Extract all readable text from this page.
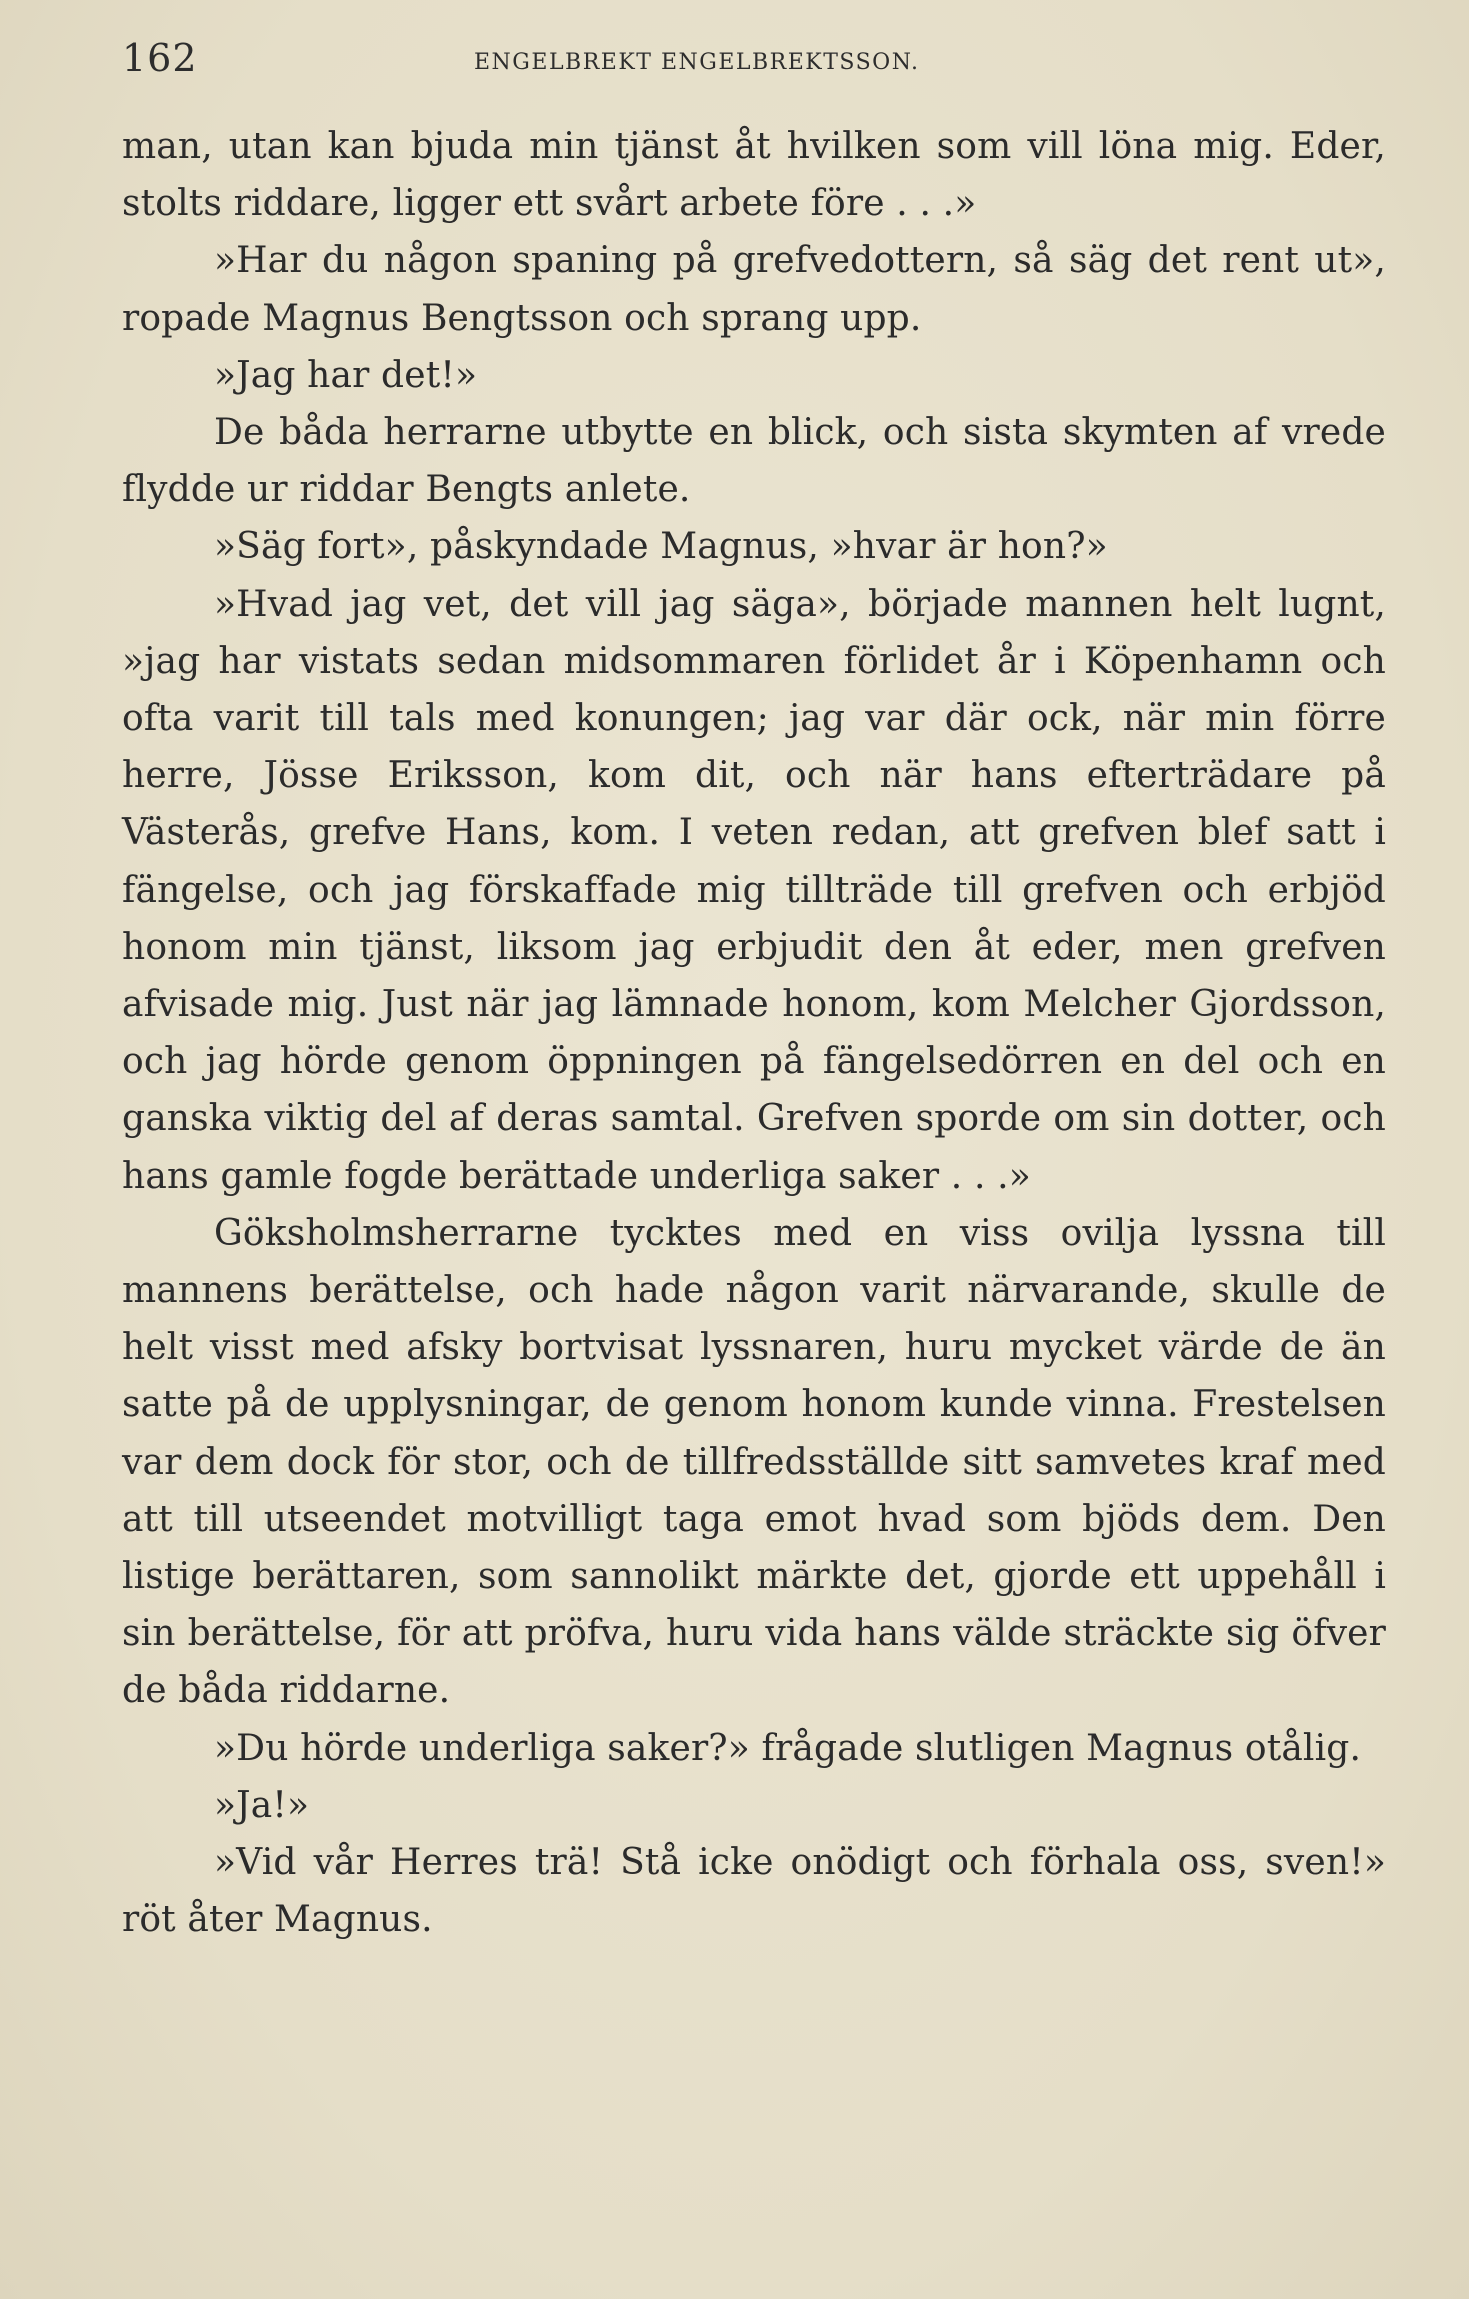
162	ENGELBREKT ENGELBREKTSSON.

man, utan kan bjuda min tjänst åt hvilken som vill löna mig. Eder, stolts riddare, ligger ett svårt arbete före . . .»

»Har du någon spaning på grefvedottern, så säg det rent ut», ropade Magnus Bengtsson och sprang upp.

»Jag har det!»

De båda herrarne utbytte en blick, och sista skymten af vrede flydde ur riddar Bengts anlete.

»Säg fort», påskyndade Magnus, »hvar är hon?»

»Hvad jag vet, det vill jag säga», började mannen helt lugnt, »jag har vistats sedan midsommaren förlidet år i Köpenhamn och ofta varit till tals med konungen; jag var där ock, när min förre herre, Jösse Eriksson, kom dit, och när hans efterträdare på Västerås, grefve Hans, kom. I veten redan, att grefven blef satt i fängelse, och jag förskaffade mig tillträde till grefven och erbjöd honom min tjänst, liksom jag erbjudit den åt eder, men grefven afvisade mig. Just när jag lämnade honom, kom Melcher Gjordsson, och jag hörde genom öppningen på fängelsedörren en del och en ganska viktig del af deras samtal. Grefven sporde om sin dotter, och hans gamle fogde berättade underliga saker . . .»

Göksholmsherrarne tycktes med en viss ovilja lyssna till mannens berättelse, och hade någon varit närvarande, skulle de helt visst med afsky bortvisat lyssnaren, huru mycket värde de än satte på de upplysningar, de genom honom kunde vinna. Frestelsen var dem dock för stor, och de tillfredsställde sitt samvetes kraf med att till utseendet motvilligt taga emot hvad som bjöds dem. Den listige berättaren, som sannolikt märkte det, gjorde ett uppehåll i sin berättelse, för att pröfva, huru vida hans välde sträckte sig öfver de båda riddarne.

»Du hörde underliga saker?» frågade slutligen Magnus otålig.

»Ja!»

»Vid vår Herres trä! Stå icke onödigt och förhala oss, sven!» röt åter Magnus.
